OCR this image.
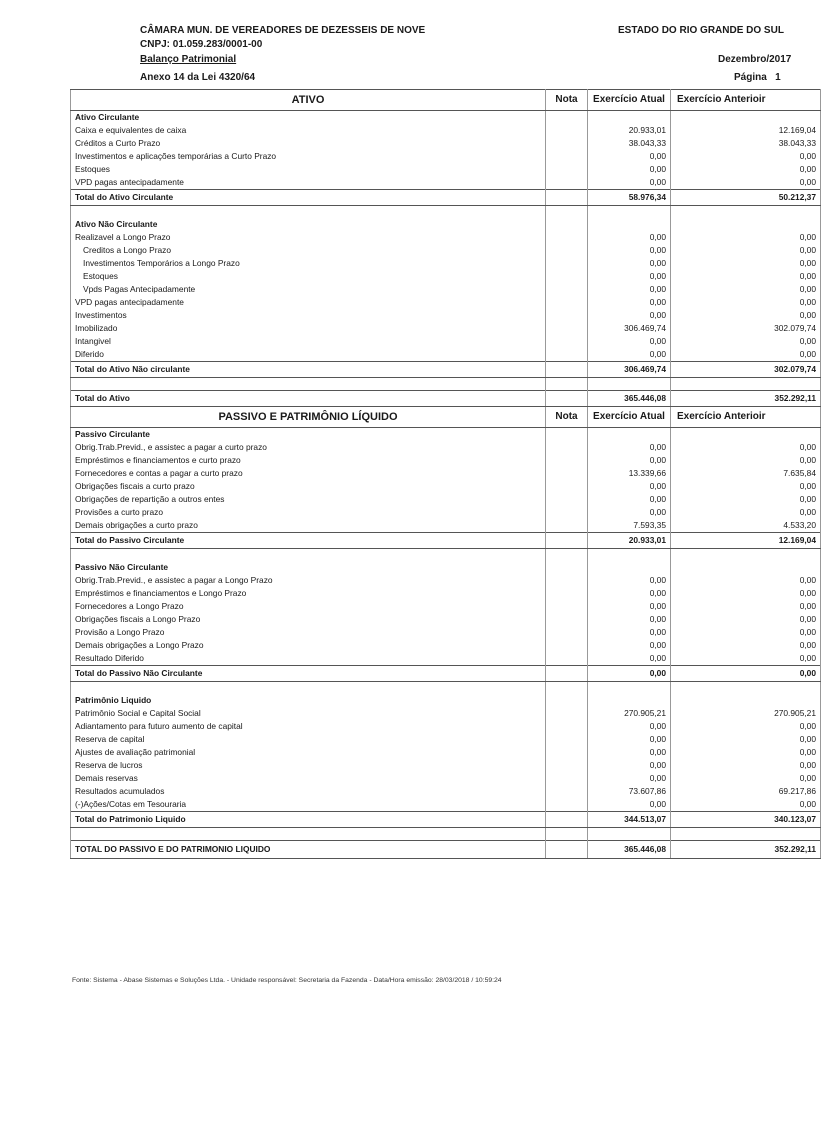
CÂMARA MUN. DE VEREADORES DE DEZESSEIS DE NOVE	ESTADO DO RIO GRANDE DO SUL
CNPJ: 01.059.283/0001-00
Balanço Patrimonial	Dezembro/2017
Anexo 14 da Lei 4320/64	Página 1
ATIVO	Nota	Exercício Atual	Exercício Anterioir
Ativo Circulante			
Caixa e equivalentes de caixa		20.933,01	12.169,04
Créditos a Curto Prazo		38.043,33	38.043,33
Investimentos e aplicações temporárias a Curto Prazo		0,00	0,00
Estoques		0,00	0,00
VPD pagas antecipadamente		0,00	0,00
Total do Ativo Circulante		58.976,34	50.212,37

Ativo Não Circulante			
Realizavel a Longo Prazo		0,00	0,00
Creditos a Longo Prazo		0,00	0,00
Investimentos Temporários a Longo Prazo		0,00	0,00
Estoques		0,00	0,00
Vpds Pagas Antecipadamente		0,00	0,00
VPD pagas antecipadamente		0,00	0,00
Investimentos		0,00	0,00
Imobilizado		306.469,74	302.079,74
Intangivel		0,00	0,00
Diferido		0,00	0,00
Total do Ativo Não circulante		306.469,74	302.079,74

Total do Ativo		365.446,08	352.292,11
PASSIVO E PATRIMÔNIO LÍQUIDO	Nota	Exercício Atual	Exercício Anterioir
Passivo Circulante			
Obrig.Trab.Previd., e assistec a pagar a curto prazo		0,00	0,00
Empréstimos e financiamentos e curto prazo		0,00	0,00
Fornecedores e contas a pagar a curto prazo		13.339,66	7.635,84
Obrigações fiscais a curto prazo		0,00	0,00
Obrigações de repartição a outros entes		0,00	0,00
Provisões a curto prazo		0,00	0,00
Demais obrigações a curto prazo		7.593,35	4.533,20
Total do Passivo Circulante		20.933,01	12.169,04

Passivo Não Circulante			
Obrig.Trab.Previd., e assistec a pagar a Longo Prazo		0,00	0,00
Empréstimos e financiamentos e Longo Prazo		0,00	0,00
Fornecedores a Longo Prazo		0,00	0,00
Obrigações fiscais a Longo Prazo		0,00	0,00
Provisão a Longo Prazo		0,00	0,00
Demais obrigações a Longo Prazo		0,00	0,00
Resultado Diferido		0,00	0,00
Total do Passivo Não Circulante		0,00	0,00

Patrimônio Liquido			
Patrimônio Social e Capital Social		270.905,21	270.905,21
Adiantamento para futuro aumento de capital		0,00	0,00
Reserva de capital		0,00	0,00
Ajustes de avaliação patrimonial		0,00	0,00
Reserva de lucros		0,00	0,00
Demais reservas		0,00	0,00
Resultados acumulados		73.607,86	69.217,86
(-)Ações/Cotas em Tesouraria		0,00	0,00
Total do Patrimonio Liquido		344.513,07	340.123,07

TOTAL DO PASSIVO E DO PATRIMONIO LIQUIDO		365.446,08	352.292,11
Fonte: Sistema - Abase Sistemas e Soluções Ltda. - Unidade responsável: Secretaria da Fazenda - Data/Hora emissão: 28/03/2018 / 10:59:24
